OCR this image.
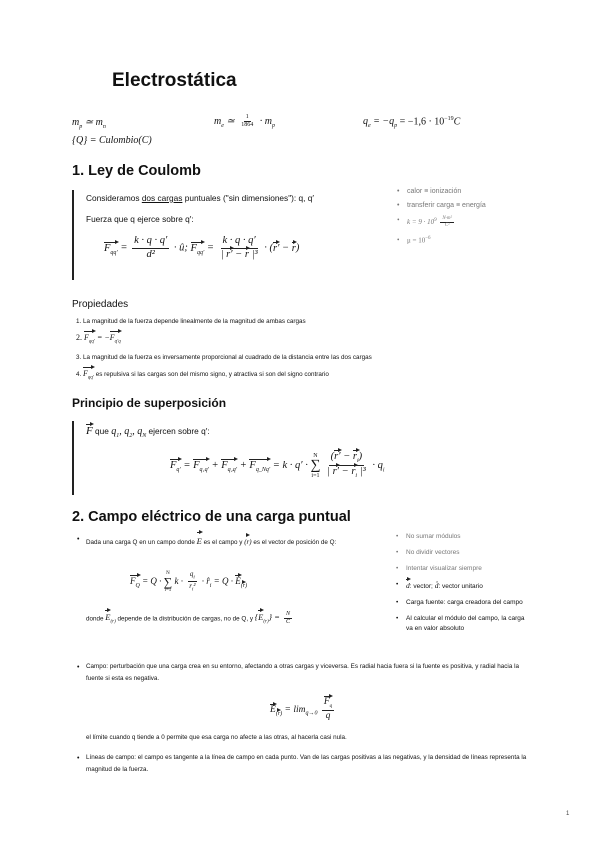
Electrostática
$m_p$ ≃ $m_n$
$m_e$ ≃ $\frac{1}{1864} \cdot m_p$	$q_e = -q_p = -1,6 \cdot 10^{-19}C$
{Q} = Culombio(C)
1. Ley de Coulomb
Consideramos dos cargas puntuales ("sin dimensiones"): q, q′
Fuerza que q ejerce sobre q′:
$F_{qq'} = \frac{k \cdot q \cdot q'}{\text{d²}}$ · û; $F_{qq'} = \frac{k \cdot q \cdot q'}{\text{| r′ − r |³}} \cdot (r' - r)$
• calor ≡ ionización
• transferir carga ≡ energía
• $k = 9 \cdot 10^9 \frac{\text{N·m²}}{\text{C²}}$
• $\mu = 10^{-6}$
Propiedades
1. La magnitud de la fuerza depende linealmente de la magnitud de ambas cargas
2. $F_{qq'} = -F_{q'q}$
3. La magnitud de la fuerza es inversamente proporcional al cuadrado de la distancia entre las dos cargas
4. $F_{qq'}$ es repulsiva si las cargas son del mismo signo, y atractiva si son del signo contrario
Principio de superposición
F que $q_1$, $q_2$, $q_N$ ejercen sobre q′:
$F_{q'} = F_{q_1q'} + F_{q_2q'} + F_{q\_Nq'} = k \cdot q'$ ·
N
∑
i=1
$\frac{(r' - r_i)}{| r' - r_i |^3} \cdot q_i$
2. Campo eléctrico de una carga puntual
• Dada una carga Q en un campo donde E es el campo y (r) es el vector de posición de Q:
$F_Q = Q$ ·
N
∑
i=1
$k \cdot \frac{q_i}{r_i^2}$ · $r̂_i = Q \cdot E_{(r)}$
donde $E_{(r)}$ depende de la distribución de cargas, no de Q, y $\{E_{(r)}\} = \frac{N}{C}$
• No sumar módulos
• No dividir vectores
• Intentar visualizar siempre
• d: vector; d̂: vector unitario
• Carga fuente: carga creadora del campo
• Al calcular el módulo del campo, la carga va en valor absoluto
• Campo: perturbación que una carga crea en su entorno, afectando a otras cargas y viceversa. Es radial hacia fuera si la fuente es positiva, y radial hacia la fuente si esta es negativa.
$E_{(r)} = \lim_{q\to 0} \frac{F_q}{q}$
el límite cuando q tiende a 0 permite que esa carga no afecte a las otras, al hacerla casi nula.
• Líneas de campo: el campo es tangente a la línea de campo en cada punto. Van de las cargas positivas a las negativas, y la densidad de líneas representa la magnitud de la fuerza.
1
